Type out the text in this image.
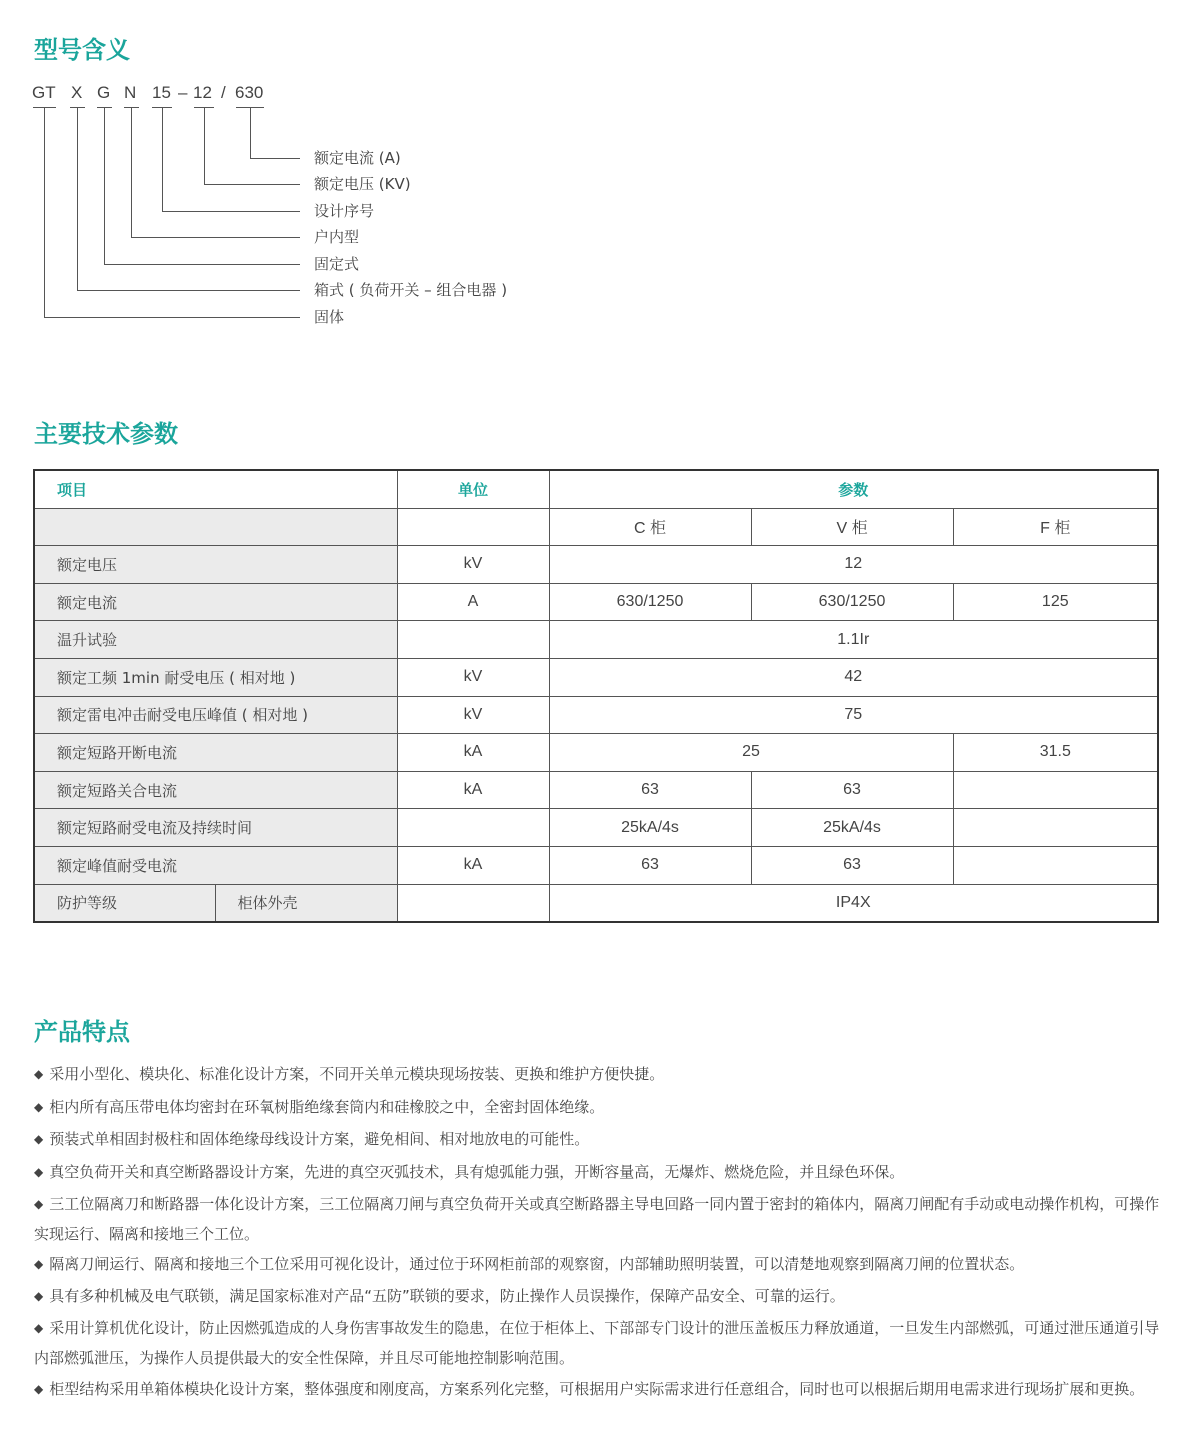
型号含义
GT X G N 15 – 12 / 630
额定电流 (A)
额定电压 (KV)
设计序号
户内型
固定式
箱式 ( 负荷开关 – 组合电器 )
固体
主要技术参数
项目		单位	参数		
			C 柜	V 柜	F 柜
额定电压		kV	12		
额定电流		A	630/1250	630/1250	125
温升试验			1.1Ir		
额定工频 1min 耐受电压 ( 相对地 )		kV	42		
额定雷电冲击耐受电压峰值 ( 相对地 )		kV	75		
额定短路开断电流		kA	25		31.5
额定短路关合电流		kA	63	63	
额定短路耐受电流及持续时间			25kA/4s	25kA/4s	
额定峰值耐受电流		kA	63	63	
防护等级	柜体外壳		IP4X		
产品特点
◆ 采用小型化、模块化、标准化设计方案，不同开关单元模块现场按装、更换和维护方便快捷。
◆ 柜内所有高压带电体均密封在环氧树脂绝缘套筒内和硅橡胶之中，全密封固体绝缘。
◆ 预装式单相固封极柱和固体绝缘母线设计方案，避免相间、相对地放电的可能性。
◆ 真空负荷开关和真空断路器设计方案，先进的真空灭弧技术，具有熄弧能力强，开断容量高，无爆炸、燃烧危险，并且绿色环保。
◆ 三工位隔离刀和断路器一体化设计方案，三工位隔离刀闸与真空负荷开关或真空断路器主导电回路一同内置于密封的箱体内，隔离刀闸配有手动或电动操作机构，可操作实现运行、隔离和接地三个工位。
◆ 隔离刀闸运行、隔离和接地三个工位采用可视化设计，通过位于环网柜前部的观察窗，内部辅助照明装置，可以清楚地观察到隔离刀闸的位置状态。
◆ 具有多种机械及电气联锁，满足国家标准对产品“五防”联锁的要求，防止操作人员误操作，保障产品安全、可靠的运行。
◆ 采用计算机优化设计，防止因燃弧造成的人身伤害事故发生的隐患，在位于柜体上、下部部专门设计的泄压盖板压力释放通道，一旦发生内部燃弧，可通过泄压通道引导内部燃弧泄压，为操作人员提供最大的安全性保障，并且尽可能地控制影响范围。
◆ 柜型结构采用单箱体模块化设计方案，整体强度和刚度高，方案系列化完整，可根据用户实际需求进行任意组合，同时也可以根据后期用电需求进行现场扩展和更换。
